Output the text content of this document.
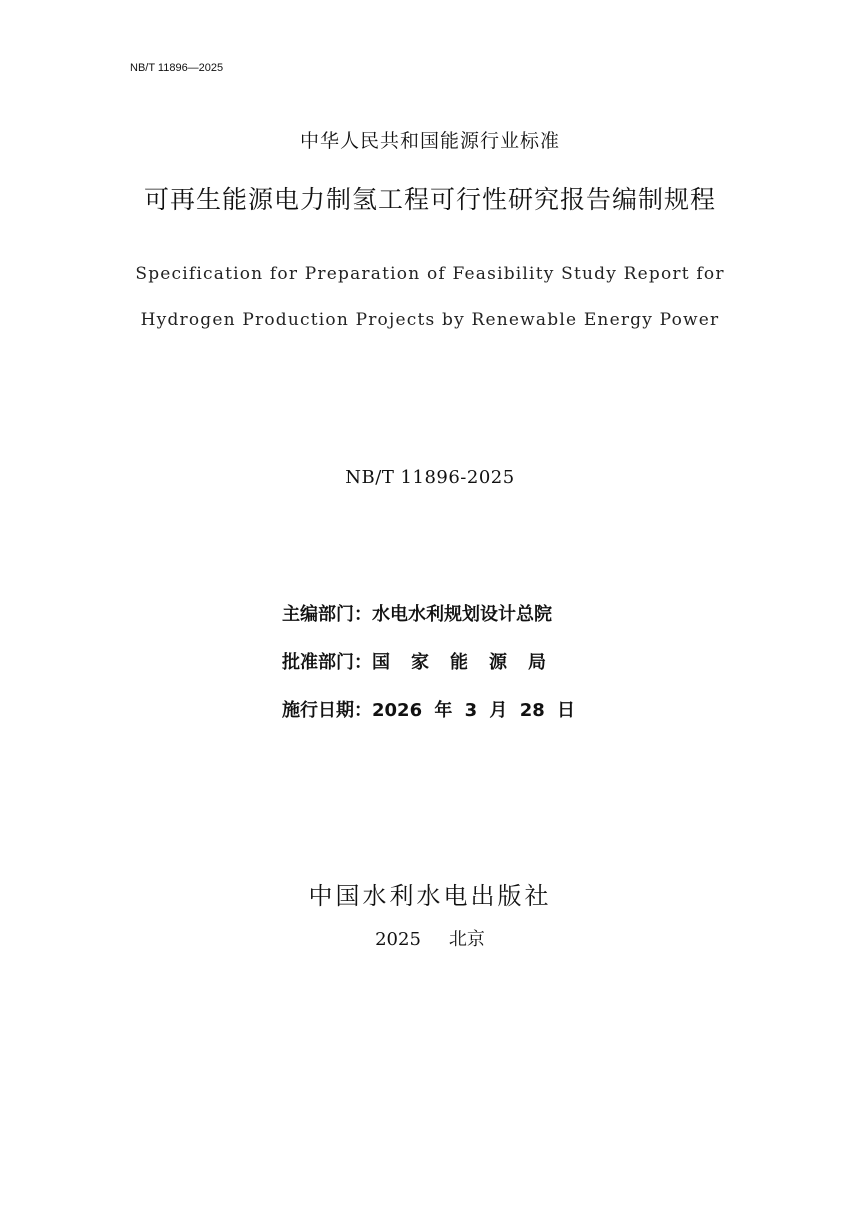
NB/T 11896—2025
中华人民共和国能源行业标准
可再生能源电力制氢工程可行性研究报告编制规程
Specification for Preparation of Feasibility Study Report for
Hydrogen Production Projects by Renewable Energy Power
NB/T 11896-2025
主编部门： 水电水利规划设计总院
批准部门： 国家能源局
施行日期： 2026 年 3 月 28 日
中国水利水电出版社
2025 北京
